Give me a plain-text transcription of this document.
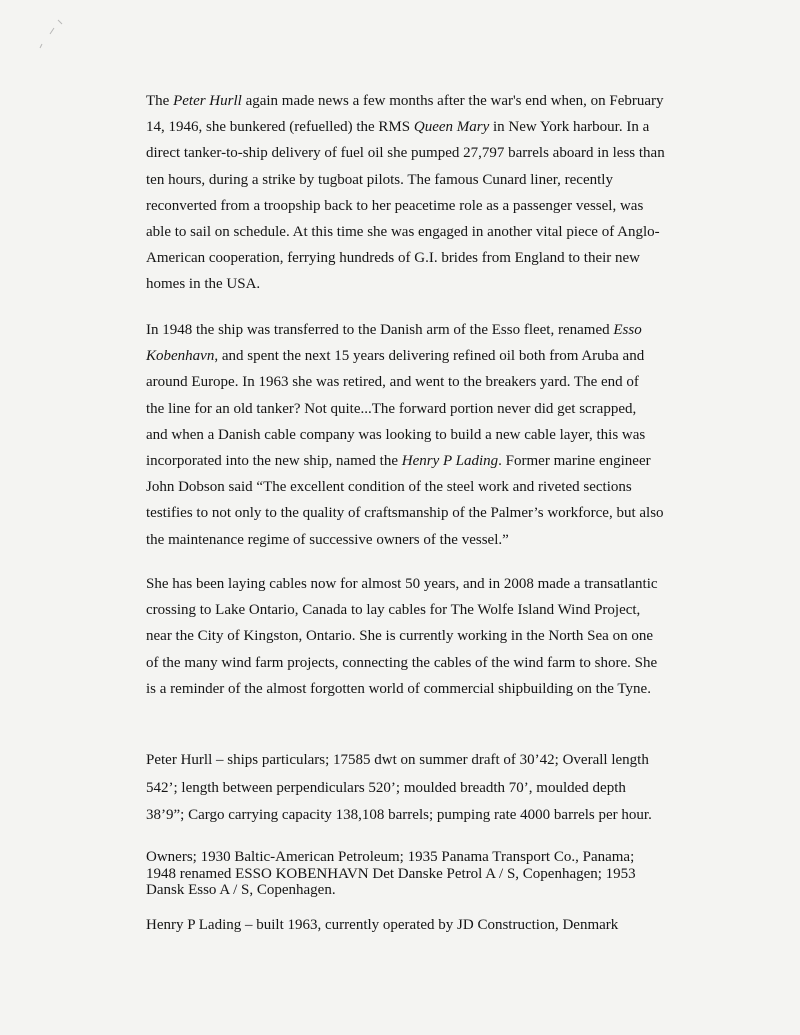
The Peter Hurll again made news a few months after the war's end when, on February
14, 1946, she bunkered (refuelled) the RMS Queen Mary in New York harbour. In a
direct tanker-to-ship delivery of fuel oil she pumped 27,797 barrels aboard in less than
ten hours, during a strike by tugboat pilots. The famous Cunard liner, recently
reconverted from a troopship back to her peacetime role as a passenger vessel, was
able to sail on schedule. At this time she was engaged in another vital piece of Anglo-
American cooperation, ferrying hundreds of G.I. brides from England to their new
homes in the USA.

In 1948 the ship was transferred to the Danish arm of the Esso fleet, renamed Esso
Kobenhavn, and spent the next 15 years delivering refined oil both from Aruba and
around Europe. In 1963 she was retired, and went to the breakers yard. The end of
the line for an old tanker? Not quite...The forward portion never did get scrapped,
and when a Danish cable company was looking to build a new cable layer, this was
incorporated into the new ship, named the Henry P Lading. Former marine engineer
John Dobson said “The excellent condition of the steel work and riveted sections
testifies to not only to the quality of craftsmanship of the Palmer’s workforce, but also
the maintenance regime of successive owners of the vessel.”

She has been laying cables now for almost 50 years, and in 2008 made a transatlantic
crossing to Lake Ontario, Canada to lay cables for The Wolfe Island Wind Project,
near the City of Kingston, Ontario. She is currently working in the North Sea on one
of the many wind farm projects, connecting the cables of the wind farm to shore. She
is a reminder of the almost forgotten world of commercial shipbuilding on the Tyne.

Peter Hurll – ships particulars; 17585 dwt on summer draft of 30’42; Overall length
542’; length between perpendiculars 520’; moulded breadth 70’, moulded depth
38’9”; Cargo carrying capacity 138,108 barrels; pumping rate 4000 barrels per hour.

Owners; 1930 Baltic-American Petroleum; 1935 Panama Transport Co., Panama;
1948 renamed ESSO KOBENHAVN Det Danske Petrol A / S, Copenhagen; 1953
Dansk Esso A / S, Copenhagen.

Henry P Lading – built 1963, currently operated by JD Construction, Denmark
